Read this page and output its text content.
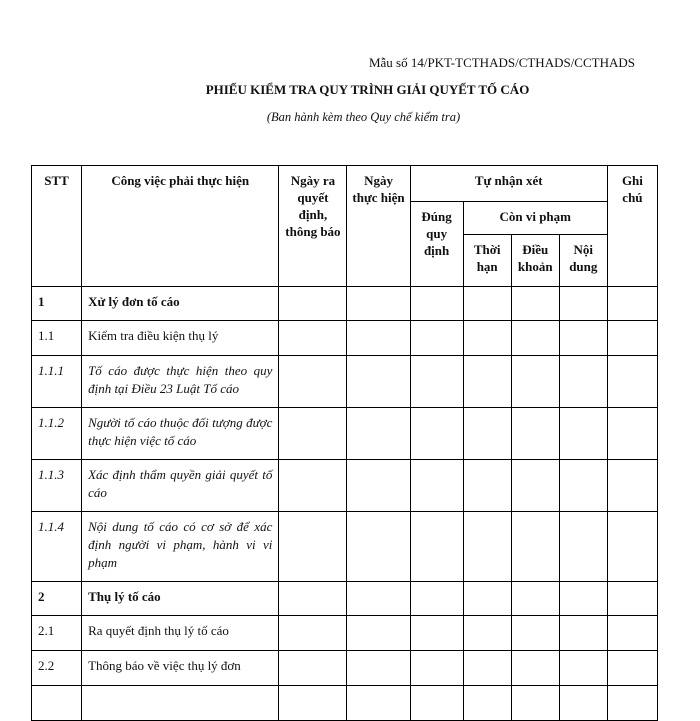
Mẫu số 14/PKT-TCTHADS/CTHADS/CCTHADS
PHIẾU KIỂM TRA QUY TRÌNH GIẢI QUYẾT TỐ CÁO
(Ban hành kèm theo Quy chế kiểm tra)
STT	Công việc phải thực hiện	Ngày ra quyết định, thông báo	Ngày thực hiện	Tự nhận xét				Ghi chú
				Đúng quy định	Còn vi phạm			
					Thời hạn	Điều khoản	Nội dung	
1	Xử lý đơn tố cáo							
1.1	Kiểm tra điều kiện thụ lý							
1.1.1	Tố cáo được thực hiện theo quy định tại Điều 23 Luật Tố cáo							
1.1.2	Người tố cáo thuộc đối tượng được thực hiện việc tố cáo							
1.1.3	Xác định thẩm quyền giải quyết tố cáo							
1.1.4	Nội dung tố cáo có cơ sở để xác định người vi phạm, hành vi vi phạm							
2	Thụ lý tố cáo							
2.1	Ra quyết định thụ lý tố cáo							
2.2	Thông báo về việc thụ lý đơn							
